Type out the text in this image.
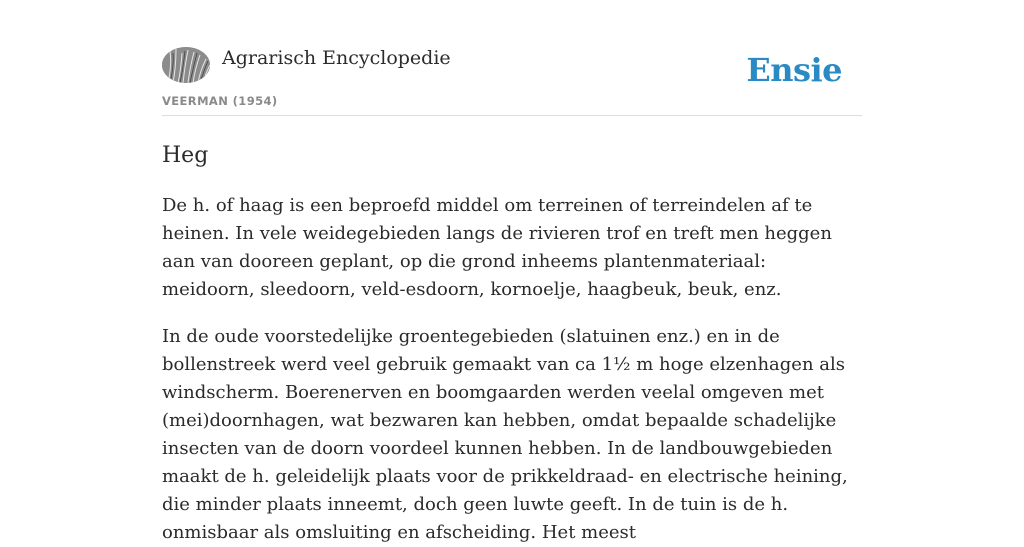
Agrarisch Encyclopedie
VEERMAN (1954)
Ensie
Heg

De h. of haag is een beproefd middel om terreinen of terreindelen af te heinen. In vele weidegebieden langs de rivieren trof en treft men heggen aan van dooreen geplant, op die grond inheems plantenmateriaal: meidoorn, sleedoorn, veld-esdoorn, kornoelje, haagbeuk, beuk, enz.

In de oude voorstedelijke groentegebieden (slatuinen enz.) en in de bollenstreek werd veel gebruik gemaakt van ca 1½ m hoge elzenhagen als windscherm. Boerenerven en boomgaarden werden veelal omgeven met (mei)doornhagen, wat bezwaren kan hebben, omdat bepaalde schadelijke insecten van de doorn voordeel kunnen hebben. In de landbouwgebieden maakt de h. geleidelijk plaats voor de prikkeldraad- en electrische heining, die minder plaats inneemt, doch geen luwte geeft. In de tuin is de h. onmisbaar als omsluiting en afscheiding. Het meest
